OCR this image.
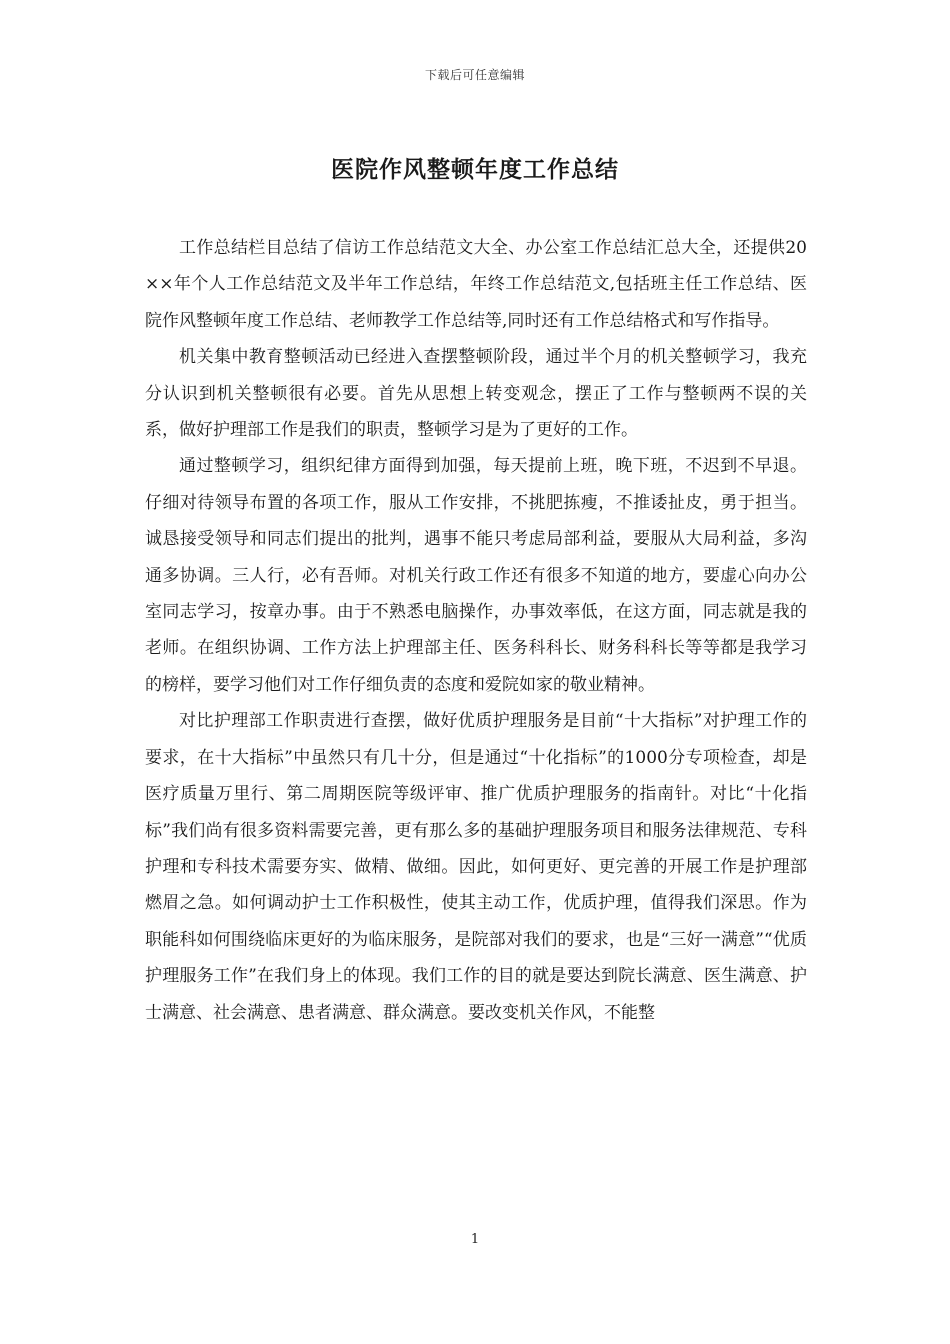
下载后可任意编辑
医院作风整顿年度工作总结

工作总结栏目总结了信访工作总结范文大全、办公室工作总结汇总大全，还提供20××年个人工作总结范文及半年工作总结，年终工作总结范文,包括班主任工作总结、医院作风整顿年度工作总结、老师教学工作总结等,同时还有工作总结格式和写作指导。

机关集中教育整顿活动已经进入查摆整顿阶段，通过半个月的机关整顿学习，我充分认识到机关整顿很有必要。首先从思想上转变观念，摆正了工作与整顿两不误的关系，做好护理部工作是我们的职责，整顿学习是为了更好的工作。

通过整顿学习，组织纪律方面得到加强，每天提前上班，晚下班，不迟到不早退。仔细对待领导布置的各项工作，服从工作安排，不挑肥拣瘦，不推诿扯皮，勇于担当。诚恳接受领导和同志们提出的批判，遇事不能只考虑局部利益，要服从大局利益，多沟通多协调。三人行，必有吾师。对机关行政工作还有很多不知道的地方，要虚心向办公室同志学习，按章办事。由于不熟悉电脑操作，办事效率低，在这方面，同志就是我的老师。在组织协调、工作方法上护理部主任、医务科科长、财务科科长等等都是我学习的榜样，要学习他们对工作仔细负责的态度和爱院如家的敬业精神。

对比护理部工作职责进行查摆，做好优质护理服务是目前“十大指标”对护理工作的要求，在十大指标”中虽然只有几十分，但是通过“十化指标”的1000分专项检查，却是医疗质量万里行、第二周期医院等级评审、推广优质护理服务的指南针。对比“十化指标”我们尚有很多资料需要完善，更有那么多的基础护理服务项目和服务法律规范、专科护理和专科技术需要夯实、做精、做细。因此，如何更好、更完善的开展工作是护理部燃眉之急。如何调动护士工作积极性，使其主动工作，优质护理，值得我们深思。作为职能科如何围绕临床更好的为临床服务，是院部对我们的要求，也是“三好一满意”“优质护理服务工作”在我们身上的体现。我们工作的目的就是要达到院长满意、医生满意、护士满意、社会满意、患者满意、群众满意。要改变机关作风，不能整

1
